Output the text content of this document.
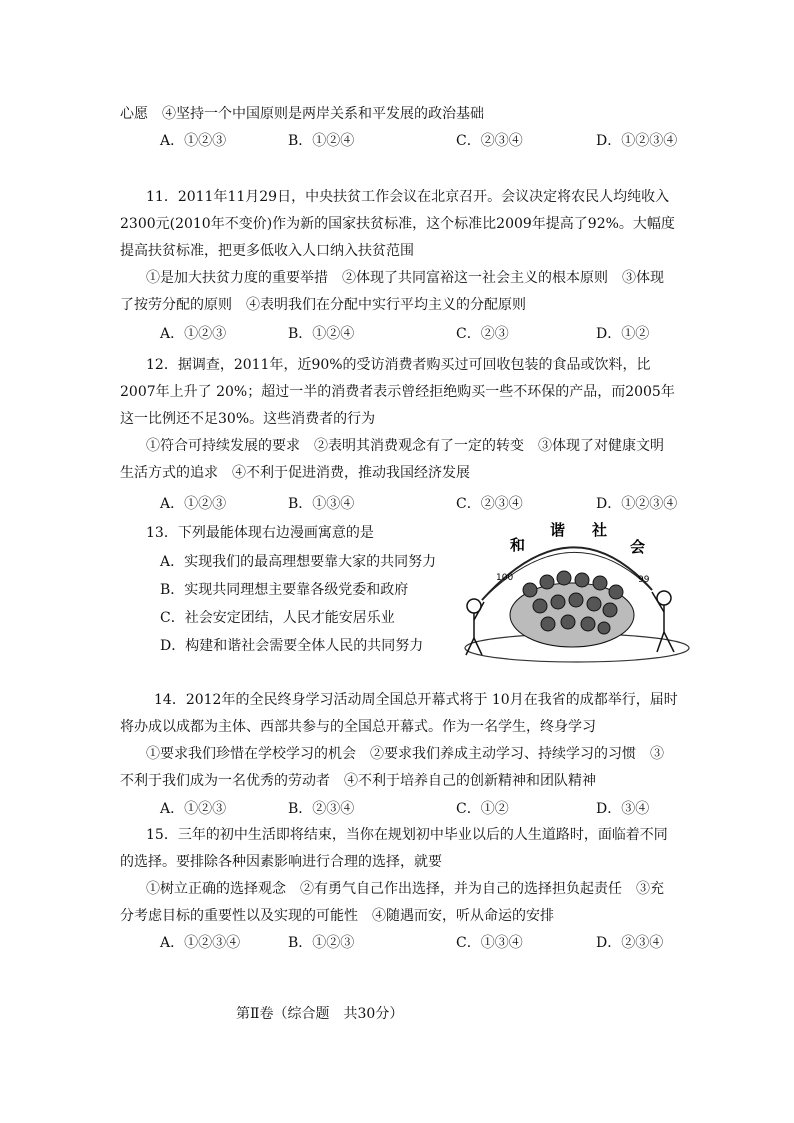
心愿　④坚持一个中国原则是两岸关系和平发展的政治基础
A．①②③	B．①②④	C．②③④	D．①②③④
11．2011年11月29日，中央扶贫工作会议在北京召开。会议决定将农民人均纯收入
2300元(2010年不变价)作为新的国家扶贫标准，这个标准比2009年提高了92%。大幅度
提高扶贫标准，把更多低收入人口纳入扶贫范围
①是加大扶贫力度的重要举措　②体现了共同富裕这一社会主义的根本原则　③体现
了按劳分配的原则　④表明我们在分配中实行平均主义的分配原则
A．①②③	B．①②④	C．②③	D．①②
12．据调查，2011年，近90%的受访消费者购买过可回收包装的食品或饮料，比
2007年上升了 20%；超过一半的消费者表示曾经拒绝购买一些不环保的产品，而2005年
这一比例还不足30%。这些消费者的行为
①符合可持续发展的要求　②表明其消费观念有了一定的转变　③体现了对健康文明
生活方式的追求　④不利于促进消费，推动我国经济发展
A．①②③	B．①③④	C．②③④	D．①②③④
13．下列最能体现右边漫画寓意的是
A．实现我们的最高理想要靠大家的共同努力
B．实现共同理想主要靠各级党委和政府
C．社会安定团结，人民才能安居乐业
D．构建和谐社会需要全体人民的共同努力
和
谐 社
会
100	99
14．2012年的全民终身学习活动周全国总开幕式将于 10月在我省的成都举行，届时
将办成以成都为主体、西部共参与的全国总开幕式。作为一名学生，终身学习
①要求我们珍惜在学校学习的机会　②要求我们养成主动学习、持续学习的习惯　③
不利于我们成为一名优秀的劳动者　④不利于培养自己的创新精神和团队精神
A．①②③	B．②③④	C．①②	D．③④
15．三年的初中生活即将结束，当你在规划初中毕业以后的人生道路时，面临着不同
的选择。要排除各种因素影响进行合理的选择，就要
①树立正确的选择观念　②有勇气自己作出选择，并为自己的选择担负起责任　③充
分考虑目标的重要性以及实现的可能性　④随遇而安，听从命运的安排
A．①②③④	B．①②③	C．①③④	D．②③④
第Ⅱ卷（综合题　共30分）
